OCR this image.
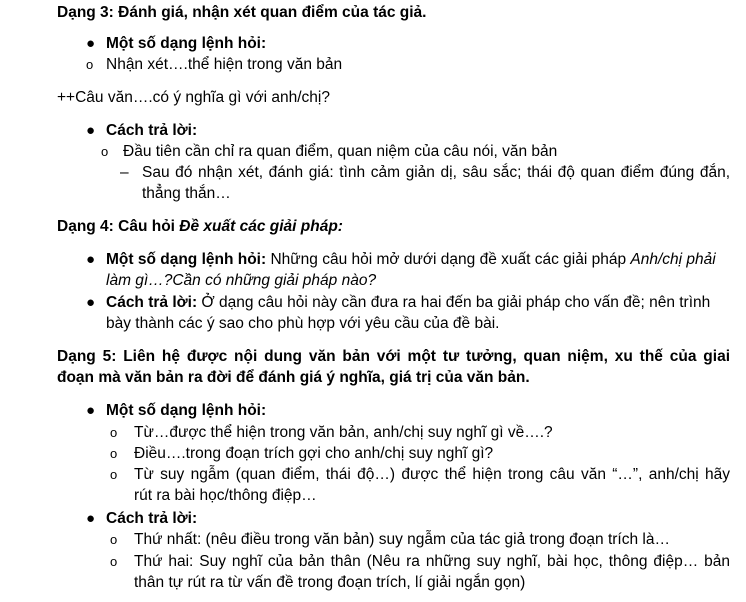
Dạng 3: Đánh giá, nhận xét quan điểm của tác giả.
● Một số dạng lệnh hỏi:
o Nhận xét….thể hiện trong văn bản
++Câu văn….có ý nghĩa gì với anh/chị?
● Cách trả lời:
o Đầu tiên cần chỉ ra quan điểm, quan niệm của câu nói, văn bản
– Sau đó nhận xét, đánh giá: tình cảm giản dị, sâu sắc; thái độ quan điểm đúng đắn,
thẳng thắn…
Dạng 4: Câu hỏi Đề xuất các giải pháp:
● Một số dạng lệnh hỏi: Những câu hỏi mở dưới dạng đề xuất các giải pháp Anh/chị phải
làm gì…?Cần có những giải pháp nào?
● Cách trả lời: Ở dạng câu hỏi này cần đưa ra hai đến ba giải pháp cho vấn đề; nên trình
bày thành các ý sao cho phù hợp với yêu cầu của đề bài.
Dạng 5: Liên hệ được nội dung văn bản với một tư tưởng, quan niệm, xu thế của giai
đoạn mà văn bản ra đời để đánh giá ý nghĩa, giá trị của văn bản.
● Một số dạng lệnh hỏi:
o Từ…được thể hiện trong văn bản, anh/chị suy nghĩ gì về….?
o Điều….trong đoạn trích gợi cho anh/chị suy nghĩ gì?
o Từ suy ngẫm (quan điểm, thái độ…) được thể hiện trong câu văn “…”, anh/chị hãy
rút ra bài học/thông điệp…
● Cách trả lời:
o Thứ nhất: (nêu điều trong văn bản) suy ngẫm của tác giả trong đoạn trích là…
o Thứ hai: Suy nghĩ của bản thân (Nêu ra những suy nghĩ, bài học, thông điệp… bản
thân tự rút ra từ vấn đề trong đoạn trích, lí giải ngắn gọn)
